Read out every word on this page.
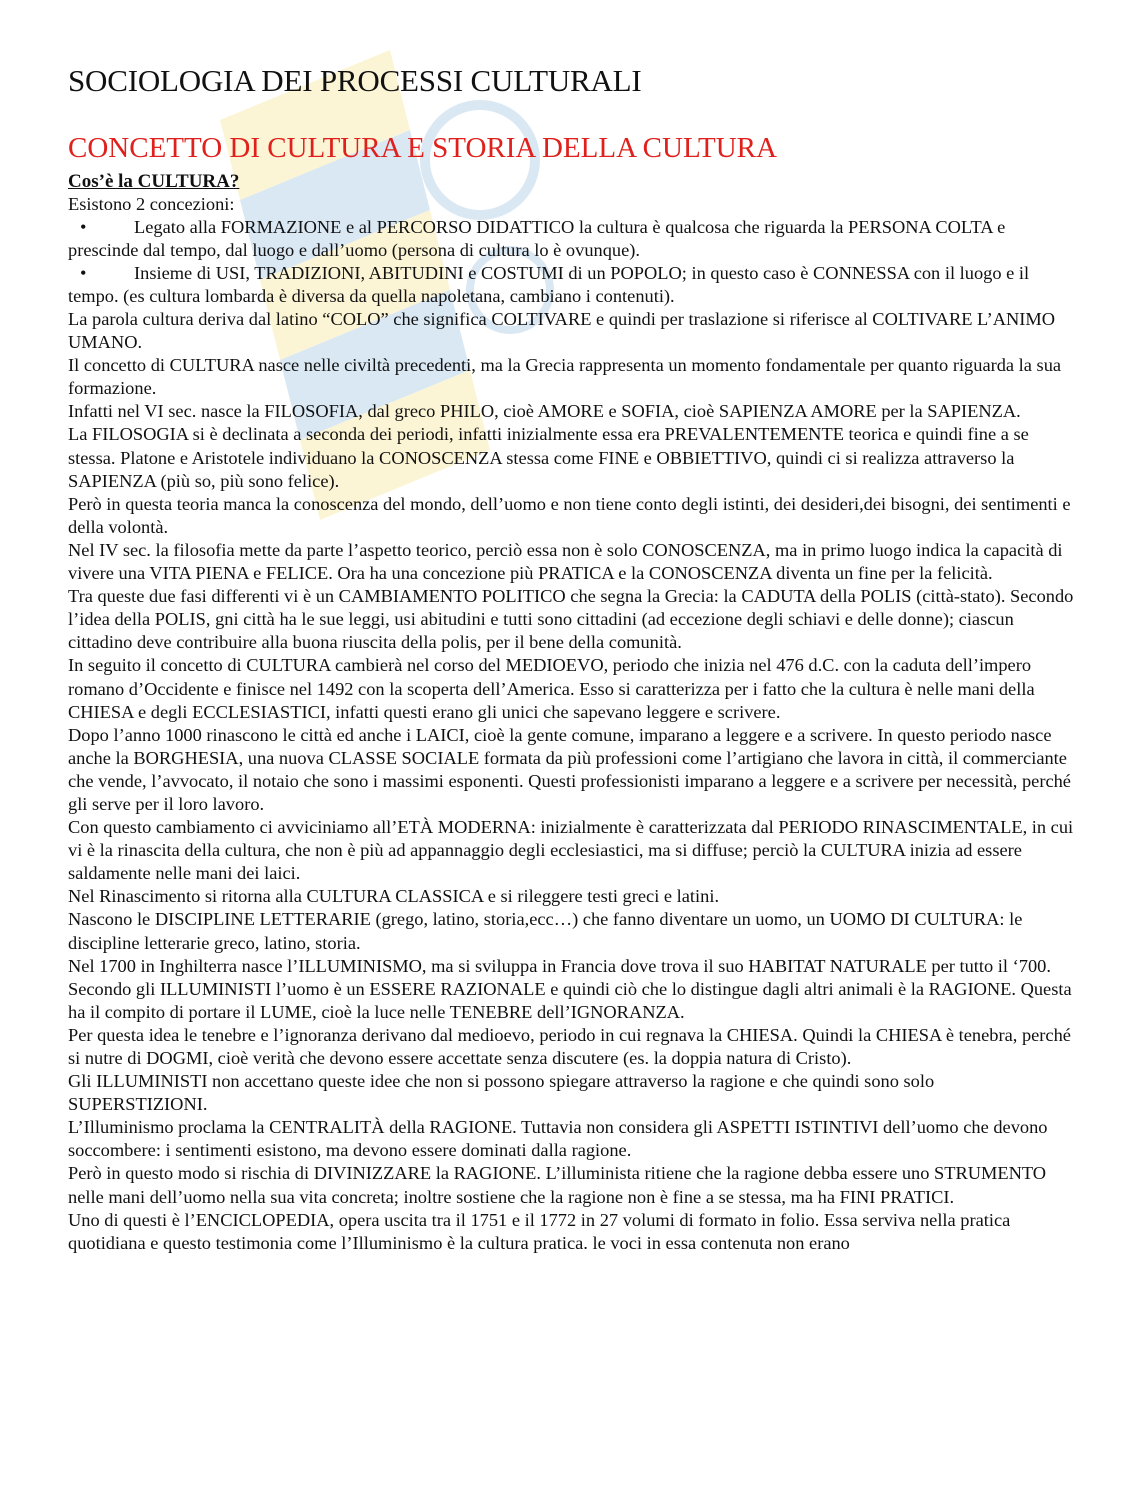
SOCIOLOGIA DEI PROCESSI CULTURALI
CONCETTO DI CULTURA E STORIA DELLA CULTURA
Cos’è la CULTURA?

Esistono 2 concezioni:

•	Legato alla FORMAZIONE e al PERCORSO DIDATTICO la cultura è qualcosa che riguarda la PERSONA COLTA e prescinde dal tempo, dal luogo e dall’uomo (persona di cultura lo è ovunque).
•	Insieme di USI, TRADIZIONI, ABITUDINI e COSTUMI di un POPOLO; in questo caso è CONNESSA con il luogo e il tempo. (es cultura lombarda è diversa da quella napoletana, cambiano i contenuti).

La parola cultura deriva dal latino “COLO” che significa COLTIVARE e quindi per traslazione si riferisce al COLTIVARE L’ANIMO UMANO.

Il concetto di CULTURA nasce nelle civiltà precedenti, ma la Grecia rappresenta un momento fondamentale per quanto riguarda la sua formazione.

Infatti nel VI sec. nasce la FILOSOFIA, dal greco PHILO, cioè AMORE e SOFIA, cioè SAPIENZA AMORE per la SAPIENZA.

La FILOSOGIA si è declinata a seconda dei periodi, infatti inizialmente essa era PREVALENTEMENTE teorica e quindi fine a se stessa. Platone e Aristotele individuano la CONOSCENZA stessa come FINE e OBBIETTIVO, quindi ci si realizza attraverso la SAPIENZA (più so, più sono felice).

Però in questa teoria manca la conoscenza del mondo, dell’uomo e non tiene conto degli istinti, dei desideri,dei bisogni, dei sentimenti e della volontà.

Nel IV sec. la filosofia mette da parte l’aspetto teorico, perciò essa non è solo CONOSCENZA, ma in primo luogo indica la capacità di vivere una VITA PIENA e FELICE. Ora ha una concezione più PRATICA e la CONOSCENZA diventa un fine per la felicità.

Tra queste due fasi differenti vi è un CAMBIAMENTO POLITICO che segna la Grecia: la CADUTA della POLIS (città-stato). Secondo l’idea della POLIS, gni città ha le sue leggi, usi abitudini e tutti sono cittadini (ad eccezione degli schiavi e delle donne); ciascun cittadino deve contribuire alla buona riuscita della polis, per il bene della comunità.

In seguito il concetto di CULTURA cambierà nel corso del MEDIOEVO, periodo che inizia nel 476 d.C. con la caduta dell’impero romano d’Occidente e finisce nel 1492 con la scoperta dell’America. Esso si caratterizza per i fatto che la cultura è nelle mani della CHIESA e degli ECCLESIASTICI, infatti questi erano gli unici che sapevano leggere e scrivere.

Dopo l’anno 1000 rinascono le città ed anche i LAICI, cioè la gente comune, imparano a leggere e a scrivere. In questo periodo nasce anche la BORGHESIA, una nuova CLASSE SOCIALE formata da più professioni come l’artigiano che lavora in città, il commerciante che vende, l’avvocato, il notaio che sono i massimi esponenti. Questi professionisti imparano a leggere e a scrivere per necessità, perché gli serve per il loro lavoro.

Con questo cambiamento ci avviciniamo all’ETÀ MODERNA: inizialmente è caratterizzata dal PERIODO RINASCIMENTALE, in cui vi è la rinascita della cultura, che non è più ad appannaggio degli ecclesiastici, ma si diffuse; perciò la CULTURA inizia ad essere saldamente nelle mani dei laici.

Nel Rinascimento si ritorna alla CULTURA CLASSICA e si rileggere testi greci e latini.

Nascono le DISCIPLINE LETTERARIE (grego, latino, storia,ecc…) che fanno diventare un uomo, un UOMO DI CULTURA: le discipline letterarie greco, latino, storia.

Nel 1700 in Inghilterra nasce l’ILLUMINISMO, ma si sviluppa in Francia dove trova il suo HABITAT NATURALE per tutto il ‘700.

Secondo gli ILLUMINISTI l’uomo è un ESSERE RAZIONALE e quindi ciò che lo distingue dagli altri animali è la RAGIONE. Questa ha il compito di portare il LUME, cioè la luce nelle TENEBRE dell’IGNORANZA.

Per questa idea le tenebre e l’ignoranza derivano dal medioevo, periodo in cui regnava la CHIESA. Quindi la CHIESA è tenebra, perché si nutre di DOGMI, cioè verità che devono essere accettate senza discutere (es. la doppia natura di Cristo).

Gli ILLUMINISTI non accettano queste idee che non si possono spiegare attraverso la ragione e che quindi sono solo SUPERSTIZIONI.

L’Illuminismo proclama la CENTRALITÀ della RAGIONE. Tuttavia non considera gli ASPETTI ISTINTIVI dell’uomo che devono soccombere: i sentimenti esistono, ma devono essere dominati dalla ragione.

Però in questo modo si rischia di DIVINIZZARE la RAGIONE. L’illuminista ritiene che la ragione debba essere uno STRUMENTO nelle mani dell’uomo nella sua vita concreta; inoltre sostiene che la ragione non è fine a se stessa, ma ha FINI PRATICI.

Uno di questi è l’ENCICLOPEDIA, opera uscita tra il 1751 e il 1772 in 27 volumi di formato in folio. Essa serviva nella pratica quotidiana e questo testimonia come l’Illuminismo è la cultura pratica. le voci in essa contenuta non erano
